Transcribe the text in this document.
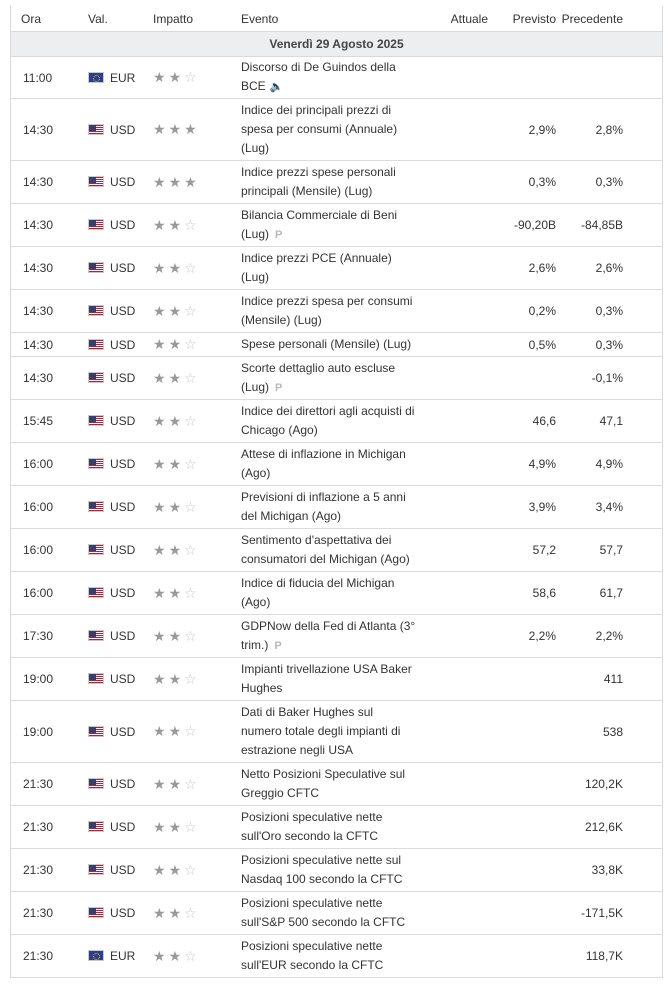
Ora	Val.	Impatto	Evento	Attuale	Previsto	Precedente
Venerdì 29 Agosto 2025						
11:00	EUR	★★☆	Discorso di De Guindos della
BCE 🔈			
14:30	USD	★★★	Indice dei principali prezzi di
spesa per consumi (Annuale)
(Lug)		2,9%	2,8%
14:30	USD	★★★	Indice prezzi spese personali
principali (Mensile) (Lug)		0,3%	0,3%
14:30	USD	★★☆	Bilancia Commerciale di Beni
(Lug) P		-90,20B	-84,85B
14:30	USD	★★☆	Indice prezzi PCE (Annuale)
(Lug)		2,6%	2,6%
14:30	USD	★★☆	Indice prezzi spesa per consumi
(Mensile) (Lug)		0,2%	0,3%
14:30	USD	★★☆	Spese personali (Mensile) (Lug)		0,5%	0,3%
14:30	USD	★★☆	Scorte dettaglio auto escluse
(Lug) P			-0,1%
15:45	USD	★★☆	Indice dei direttori agli acquisti di
Chicago (Ago)		46,6	47,1
16:00	USD	★★☆	Attese di inflazione in Michigan
(Ago)		4,9%	4,9%
16:00	USD	★★☆	Previsioni di inflazione a 5 anni
del Michigan (Ago)		3,9%	3,4%
16:00	USD	★★☆	Sentimento d'aspettativa dei
consumatori del Michigan (Ago)		57,2	57,7
16:00	USD	★★☆	Indice di fiducia del Michigan
(Ago)		58,6	61,7
17:30	USD	★★☆	GDPNow della Fed di Atlanta (3°
trim.) P		2,2%	2,2%
19:00	USD	★★☆	Impianti trivellazione USA Baker
Hughes			411
19:00	USD	★★☆	Dati di Baker Hughes sul
numero totale degli impianti di
estrazione negli USA			538
21:30	USD	★★☆	Netto Posizioni Speculative sul
Greggio CFTC			120,2K
21:30	USD	★★☆	Posizioni speculative nette
sull'Oro secondo la CFTC			212,6K
21:30	USD	★★☆	Posizioni speculative nette sul
Nasdaq 100 secondo la CFTC			33,8K
21:30	USD	★★☆	Posizioni speculative nette
sull'S&P 500 secondo la CFTC			-171,5K
21:30	EUR	★★☆	Posizioni speculative nette
sull'EUR secondo la CFTC			118,7K
